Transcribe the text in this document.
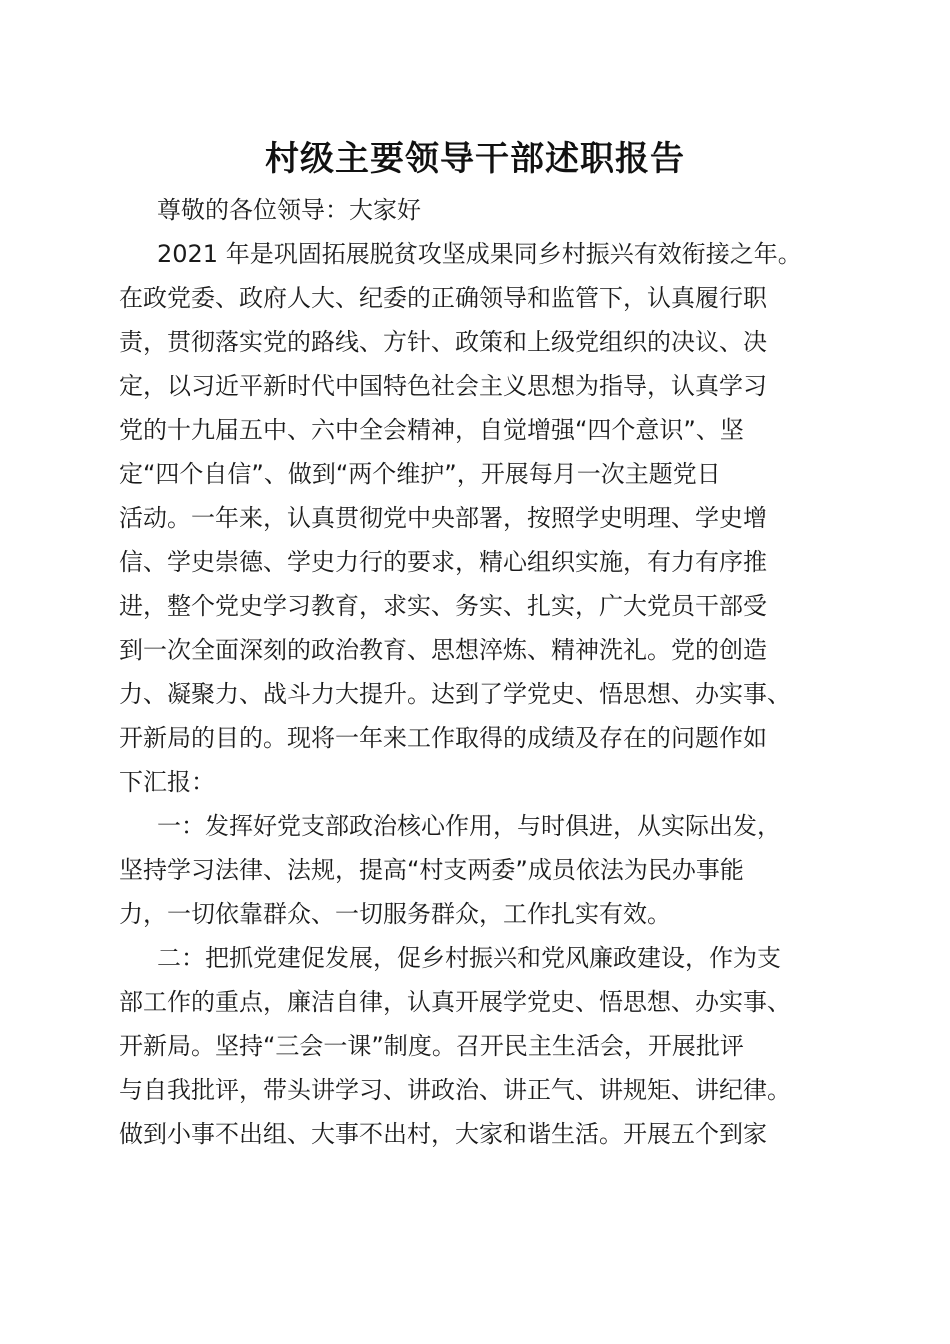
村级主要领导干部述职报告

尊敬的各位领导：大家好

2021 年是巩固拓展脱贫攻坚成果同乡村振兴有效衔接之年。

在政党委、政府人大、纪委的正确领导和监管下，认真履行职

责，贯彻落实党的路线、方针、政策和上级党组织的决议、决

定，以习近平新时代中国特色社会主义思想为指导，认真学习

党的十九届五中、六中全会精神，自觉增强“四个意识”、坚

定“四个自信”、做到“两个维护”，开展每月一次主题党日

活动。一年来，认真贯彻党中央部署，按照学史明理、学史增

信、学史崇德、学史力行的要求，精心组织实施，有力有序推

进，整个党史学习教育，求实、务实、扎实，广大党员干部受

到一次全面深刻的政治教育、思想淬炼、精神洗礼。党的创造

力、凝聚力、战斗力大提升。达到了学党史、悟思想、办实事、

开新局的目的。现将一年来工作取得的成绩及存在的问题作如

下汇报：

一：发挥好党支部政治核心作用，与时俱进，从实际出发，

坚持学习法律、法规，提高“村支两委”成员依法为民办事能

力，一切依靠群众、一切服务群众，工作扎实有效。

二：把抓党建促发展，促乡村振兴和党风廉政建设，作为支

部工作的重点，廉洁自律，认真开展学党史、悟思想、办实事、

开新局。坚持“三会一课”制度。召开民主生活会，开展批评

与自我批评，带头讲学习、讲政治、讲正气、讲规矩、讲纪律。

做到小事不出组、大事不出村，大家和谐生活。开展五个到家
